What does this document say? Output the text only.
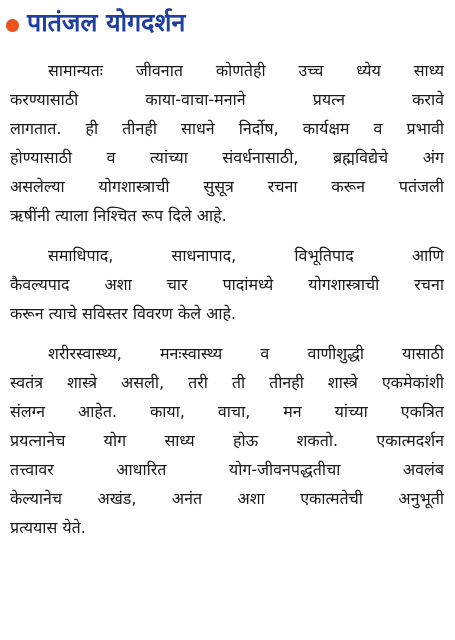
पातंजल योगदर्शन
सामान्यतः जीवनात कोणतेही उच्च ध्येय साध्य
करण्यासाठी काया-वाचा-मनाने प्रयत्न करावे
लागतात. ही तीनही साधने निर्दोष, कार्यक्षम व प्रभावी
होण्यासाठी व त्यांच्या संवर्धनासाठी, ब्रह्मविद्येचे अंग
असलेल्या योगशास्त्राची सुसूत्र रचना करून पतंजली
ऋषींनी त्याला निश्चित रूप दिले आहे.
समाधिपाद, साधनापाद, विभूतिपाद आणि
कैवल्यपाद अशा चार पादांमध्ये योगशास्त्राची रचना
करून त्याचे सविस्तर विवरण केले आहे.
शरीरस्वास्थ्य, मनःस्वास्थ्य व वाणीशुद्धी यासाठी
स्वतंत्र शास्त्रे असली, तरी ती तीनही शास्त्रे एकमेकांशी
संलग्न आहेत. काया, वाचा, मन यांच्या एकत्रित
प्रयत्नानेच योग साध्य होऊ शकतो. एकात्मदर्शन
तत्त्वावर आधारित योग-जीवनपद्धतीचा अवलंब
केल्यानेच अखंड, अनंत अशा एकात्मतेची अनुभूती
प्रत्ययास येते.
